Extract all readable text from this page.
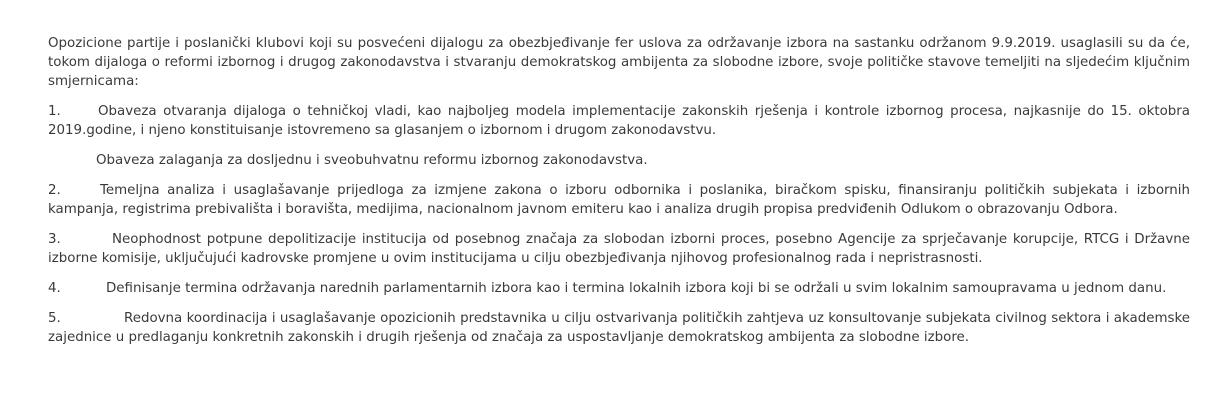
Opozicione partije i poslanički klubovi koji su posvećeni dijalogu za obezbjeđivanje fer uslova za održavanje izbora na sastanku održanom 9.9.2019. usaglasili su da će, tokom dijaloga o reformi izbornog i drugog zakonodavstva i stvaranju demokratskog ambijenta za slobodne izbore, svoje političke stavove temeljiti na sljedećim ključnim smjernicama:

1.	Obaveza otvaranja dijaloga o tehničkoj vladi, kao najboljeg modela implementacije zakonskih rješenja i kontrole izbornog procesa, najkasnije do 15. oktobra 2019.godine, i njeno konstituisanje istovremeno sa glasanjem o izbornom i drugom zakonodavstvu.

Obaveza zalaganja za dosljednu i sveobuhvatnu reformu izbornog zakonodavstva.

2.	Temeljna analiza i usaglašavanje prijedloga za izmjene zakona o izboru odbornika i poslanika, biračkom spisku, finansiranju političkih subjekata i izbornih kampanja, registrima prebivališta i boravišta, medijima, nacionalnom javnom emiteru kao i analiza drugih propisa predviđenih Odlukom o obrazovanju Odbora.

3.	Neophodnost potpune depolitizacije institucija od posebnog značaja za slobodan izborni proces, posebno Agencije za sprječavanje korupcije, RTCG i Državne izborne komisije, uključujući kadrovske promjene u ovim institucijama u cilju obezbjeđivanja njihovog profesionalnog rada i nepristrasnosti.

4.	Definisanje termina održavanja narednih parlamentarnih izbora kao i termina lokalnih izbora koji bi se održali u svim lokalnim samoupravama u jednom danu.

5.	Redovna koordinacija i usaglašavanje opozicionih predstavnika u cilju ostvarivanja političkih zahtjeva uz konsultovanje subjekata civilnog sektora i akademske zajednice u predlaganju konkretnih zakonskih i drugih rješenja od značaja za uspostavljanje demokratskog ambijenta za slobodne izbore.
